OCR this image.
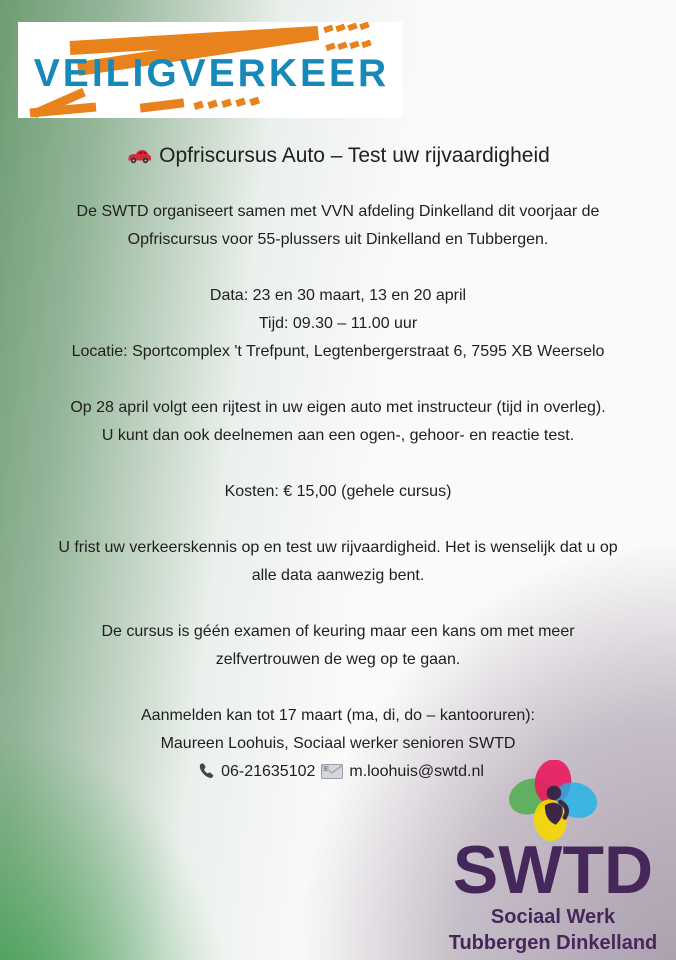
VEILIGVERKEER
Opfriscursus Auto – Test uw rijvaardigheid
De SWTD organiseert samen met VVN afdeling Dinkelland dit voorjaar de
Opfriscursus voor 55-plussers uit Dinkelland en Tubbergen.
Data: 23 en 30 maart, 13 en 20 april
Tijd: 09.30 – 11.00 uur
Locatie: Sportcomplex 't Trefpunt, Legtenbergerstraat 6, 7595 XB Weerselo
Op 28 april volgt een rijtest in uw eigen auto met instructeur (tijd in overleg).
U kunt dan ook deelnemen aan een ogen-, gehoor- en reactie test.
Kosten: € 15,00 (gehele cursus)
U frist uw verkeerskennis op en test uw rijvaardigheid. Het is wenselijk dat u op
alle data aanwezig bent.
De cursus is géén examen of keuring maar een kans om met meer
zelfvertrouwen de weg op te gaan.
Aanmelden kan tot 17 maart (ma, di, do – kantooruren):
Maureen Loohuis, Sociaal werker senioren SWTD
06-21635102 E m.loohuis@swtd.nl
SWTD
Sociaal Werk
Tubbergen Dinkelland
